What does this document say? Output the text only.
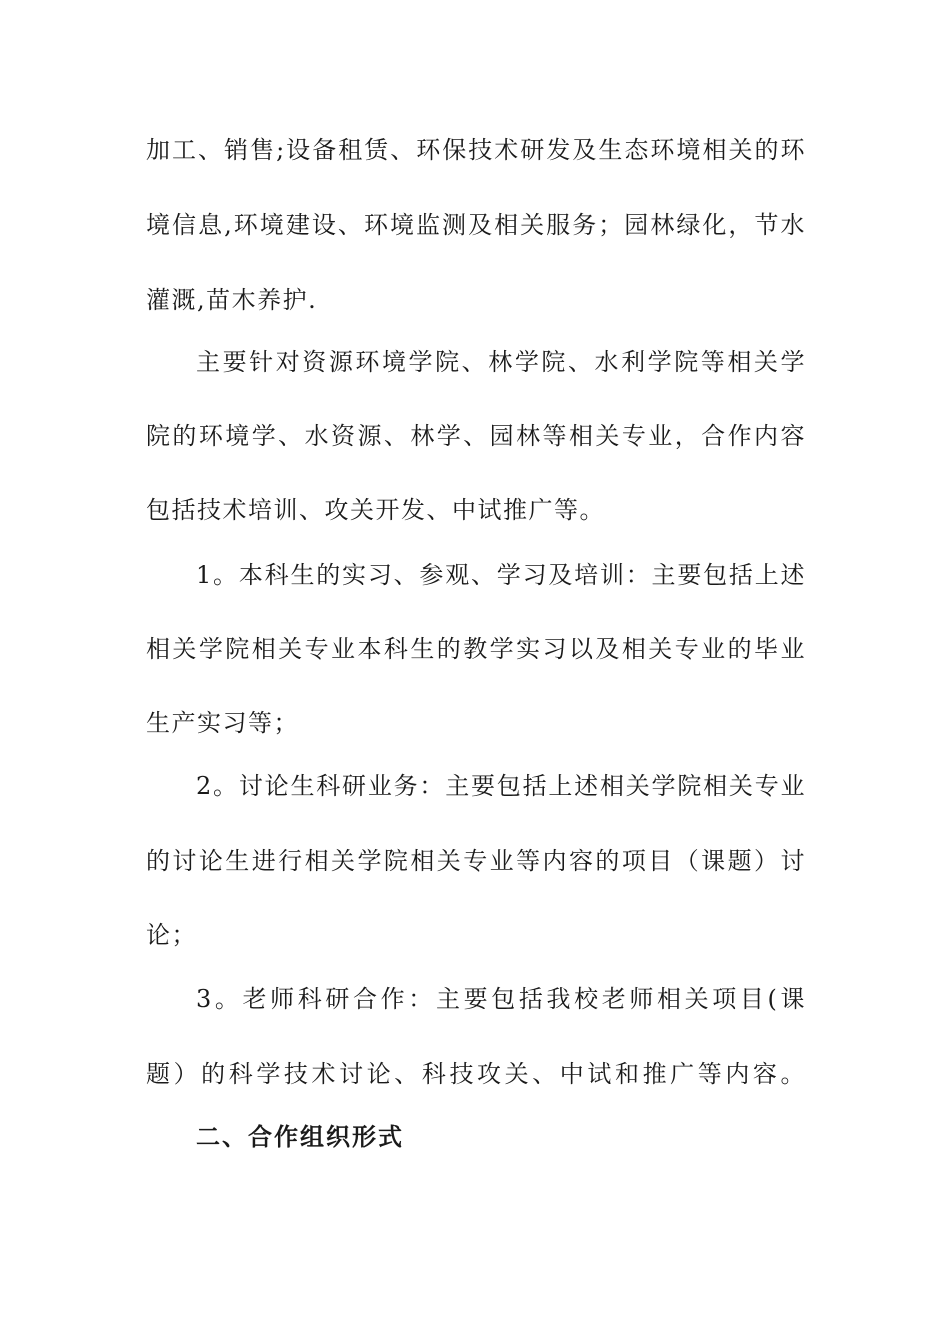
加工、销售;设备租赁、环保技术研发及生态环境相关的环
境信息,环境建设、环境监测及相关服务；园林绿化，节水
灌溉,苗木养护.
主要针对资源环境学院、林学院、水利学院等相关学
院的环境学、水资源、林学、园林等相关专业，合作内容
包括技术培训、攻关开发、中试推广等。
1。本科生的实习、参观、学习及培训：主要包括上述
相关学院相关专业本科生的教学实习以及相关专业的毕业
生产实习等；
2。讨论生科研业务：主要包括上述相关学院相关专业
的讨论生进行相关学院相关专业等内容的项目（课题）讨
论；
3。老师科研合作：主要包括我校老师相关项目(课
题）的科学技术讨论、科技攻关、中试和推广等内容。
二、合作组织形式
